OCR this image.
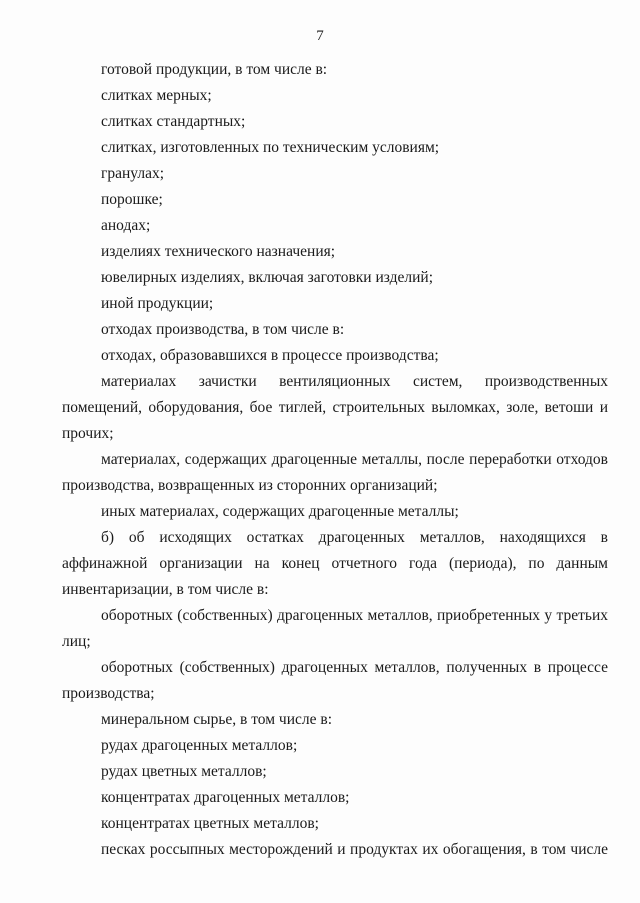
7

готовой продукции, в том числе в:

слитках мерных;

слитках стандартных;

слитках, изготовленных по техническим условиям;

гранулах;

порошке;

анодах;

изделиях технического назначения;

ювелирных изделиях, включая заготовки изделий;

иной продукции;

отходах производства, в том числе в:

отходах, образовавшихся в процессе производства;

материалах зачистки вентиляционных систем, производственных помещений, оборудования, бое тиглей, строительных выломках, золе, ветоши и прочих;

материалах, содержащих драгоценные металлы, после переработки отходов производства, возвращенных из сторонних организаций;

иных материалах, содержащих драгоценные металлы;

б) об исходящих остатках драгоценных металлов, находящихся в аффинажной организации на конец отчетного года (периода), по данным инвентаризации, в том числе в:

оборотных (собственных) драгоценных металлов, приобретенных у третьих лиц;

оборотных (собственных) драгоценных металлов, полученных в процессе производства;

минеральном сырье, в том числе в:

рудах драгоценных металлов;

рудах цветных металлов;

концентратах драгоценных металлов;

концентратах цветных металлов;

песках россыпных месторождений и продуктах их обогащения, в том числе
